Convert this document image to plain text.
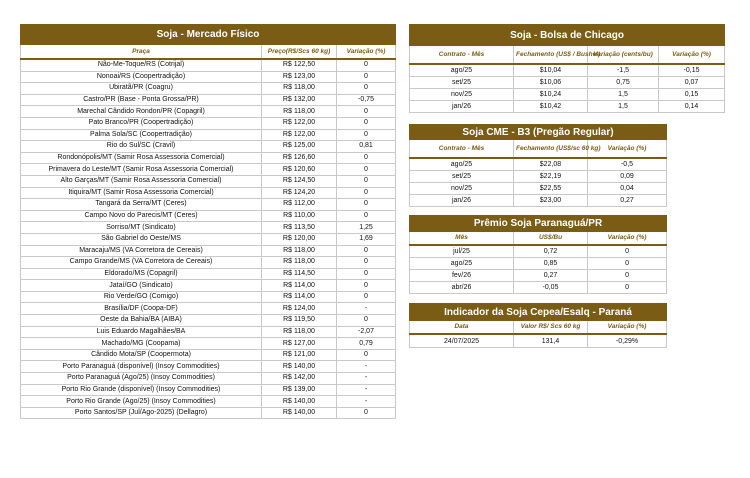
Soja - Mercado Físico		
Praça	Preço(R$/Scs 60 kg)	Variação (%)
Não-Me-Toque/RS (Cotrijal)	R$ 122,50	0
Nonoai/RS (Coopertradição)	R$ 123,00	0
Ubiratã/PR (Coagru)	R$ 118,00	0
Castro/PR (Base - Ponta Grossa/PR)	R$ 132,00	-0,75
Marechal Cândido Rondon/PR (Copagril)	R$ 118,00	0
Pato Branco/PR (Coopertradição)	R$ 122,00	0
Palma Sola/SC (Coopertradição)	R$ 122,00	0
Rio do Sul/SC (Cravil)	R$ 125,00	0,81
Rondonópolis/MT (Samir Rosa Assessoria Comercial)	R$ 126,60	0
Primavera do Leste/MT (Samir Rosa Assessoria Comercial)	R$ 120,60	0
Alto Garças/MT (Samir Rosa Assessoria Comercial)	R$ 124,50	0
Itiquira/MT (Samir Rosa Assessoria Comercial)	R$ 124,20	0
Tangará da Serra/MT (Ceres)	R$ 112,00	0
Campo Novo do Parecis/MT (Ceres)	R$ 110,00	0
Sorriso/MT (Sindicato)	R$ 113,50	1,25
São Gabriel do Oeste/MS	R$ 120,00	1,69
Maracaju/MS (VA Corretora de Cereais)	R$ 118,00	0
Campo Grande/MS (VA Corretora de Cereais)	R$ 118,00	0
Eldorado/MS (Copagril)	R$ 114,50	0
Jataí/GO (Sindicato)	R$ 114,00	0
Rio Verde/GO (Comigo)	R$ 114,00	0
Brasília/DF (Coopa-DF)	R$ 124,00	-
Oeste da Bahia/BA (AIBA)	R$ 119,50	0
Luis Eduardo Magalhães/BA	R$ 118,00	-2,07
Machado/MG (Coopama)	R$ 127,00	0,79
Cândido Mota/SP (Coopermota)	R$ 121,00	0
Porto Paranaguá (disponível) (Insoy Commodities)	R$ 140,00	-
Porto Paranaguá (Ago/25) (Insoy Commodities)	R$ 142,00	-
Porto Rio Grande (disponível) (Insoy Commodities)	R$ 139,00	-
Porto Rio Grande (Ago/25) (Insoy Commodities)	R$ 140,00	-
Porto Santos/SP (Jul/Ago-2025) (Dellagro)	R$ 140,00	0
Soja - Bolsa de Chicago			
Contrato - Mês	Fechamento (US$ / Bushel)	Variação (cents/bu)	Variação (%)
ago/25	$10,04	-1,5	-0,15
set/25	$10,06	0,75	0,07
nov/25	$10,24	1,5	0,15
jan/26	$10,42	1,5	0,14
Soja CME - B3 (Pregão Regular)		
Contrato - Mês	Fechamento (US$/sc 60 kg)	Variação (%)
ago/25	$22,08	-0,5
set/25	$22,19	0,09
nov/25	$22,55	0,04
jan/26	$23,00	0,27
Prêmio Soja Paranaguá/PR		
Mês	US$/Bu	Variação (%)
jul/25	0,72	0
ago/25	0,85	0
fev/26	0,27	0
abr/26	-0,05	0
Indicador da Soja Cepea/Esalq - Paraná		
Data	Valor R$/ Scs 60 kg	Variação (%)
24/07/2025	131,4	-0,29%
